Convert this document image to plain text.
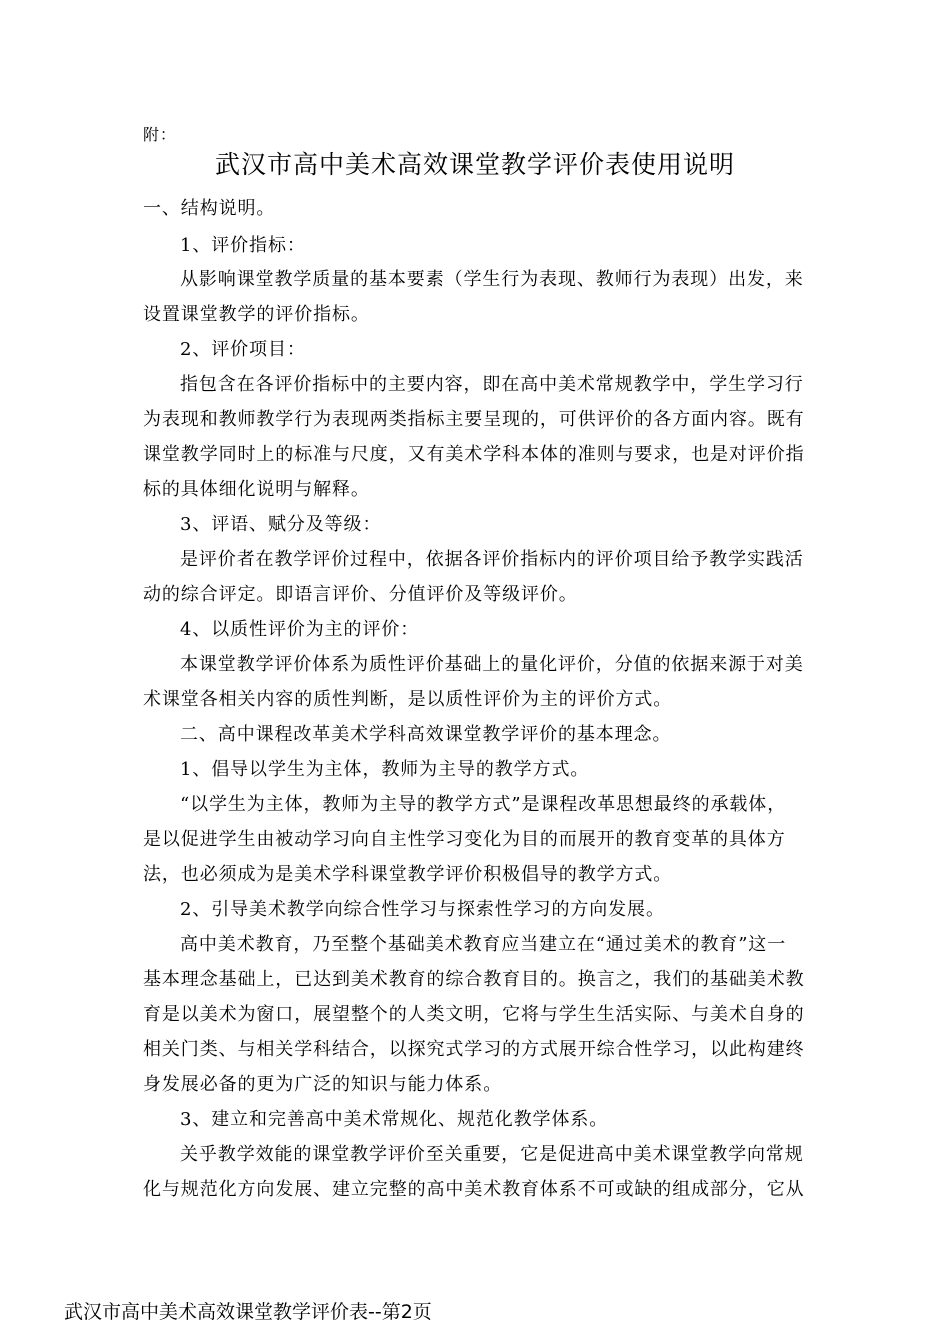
附：
武汉市高中美术高效课堂教学评价表使用说明
一、结构说明。
1、评价指标：
从影响课堂教学质量的基本要素（学生行为表现、教师行为表现）出发，来
设置课堂教学的评价指标。
2、评价项目：
指包含在各评价指标中的主要内容，即在高中美术常规教学中，学生学习行
为表现和教师教学行为表现两类指标主要呈现的，可供评价的各方面内容。既有
课堂教学同时上的标准与尺度，又有美术学科本体的准则与要求，也是对评价指
标的具体细化说明与解释。
3、评语、赋分及等级：
是评价者在教学评价过程中，依据各评价指标内的评价项目给予教学实践活
动的综合评定。即语言评价、分值评价及等级评价。
4、以质性评价为主的评价：
本课堂教学评价体系为质性评价基础上的量化评价，分值的依据来源于对美
术课堂各相关内容的质性判断，是以质性评价为主的评价方式。
二、高中课程改革美术学科高效课堂教学评价的基本理念。
1、倡导以学生为主体，教师为主导的教学方式。
“以学生为主体，教师为主导的教学方式”是课程改革思想最终的承载体，
是以促进学生由被动学习向自主性学习变化为目的而展开的教育变革的具体方
法，也必须成为是美术学科课堂教学评价积极倡导的教学方式。
2、引导美术教学向综合性学习与探索性学习的方向发展。
高中美术教育，乃至整个基础美术教育应当建立在“通过美术的教育”这一
基本理念基础上，已达到美术教育的综合教育目的。换言之，我们的基础美术教
育是以美术为窗口，展望整个的人类文明，它将与学生生活实际、与美术自身的
相关门类、与相关学科结合，以探究式学习的方式展开综合性学习，以此构建终
身发展必备的更为广泛的知识与能力体系。
3、建立和完善高中美术常规化、规范化教学体系。
关乎教学效能的课堂教学评价至关重要，它是促进高中美术课堂教学向常规
化与规范化方向发展、建立完整的高中美术教育体系不可或缺的组成部分，它从
武汉市高中美术高效课堂教学评价表--第2页
